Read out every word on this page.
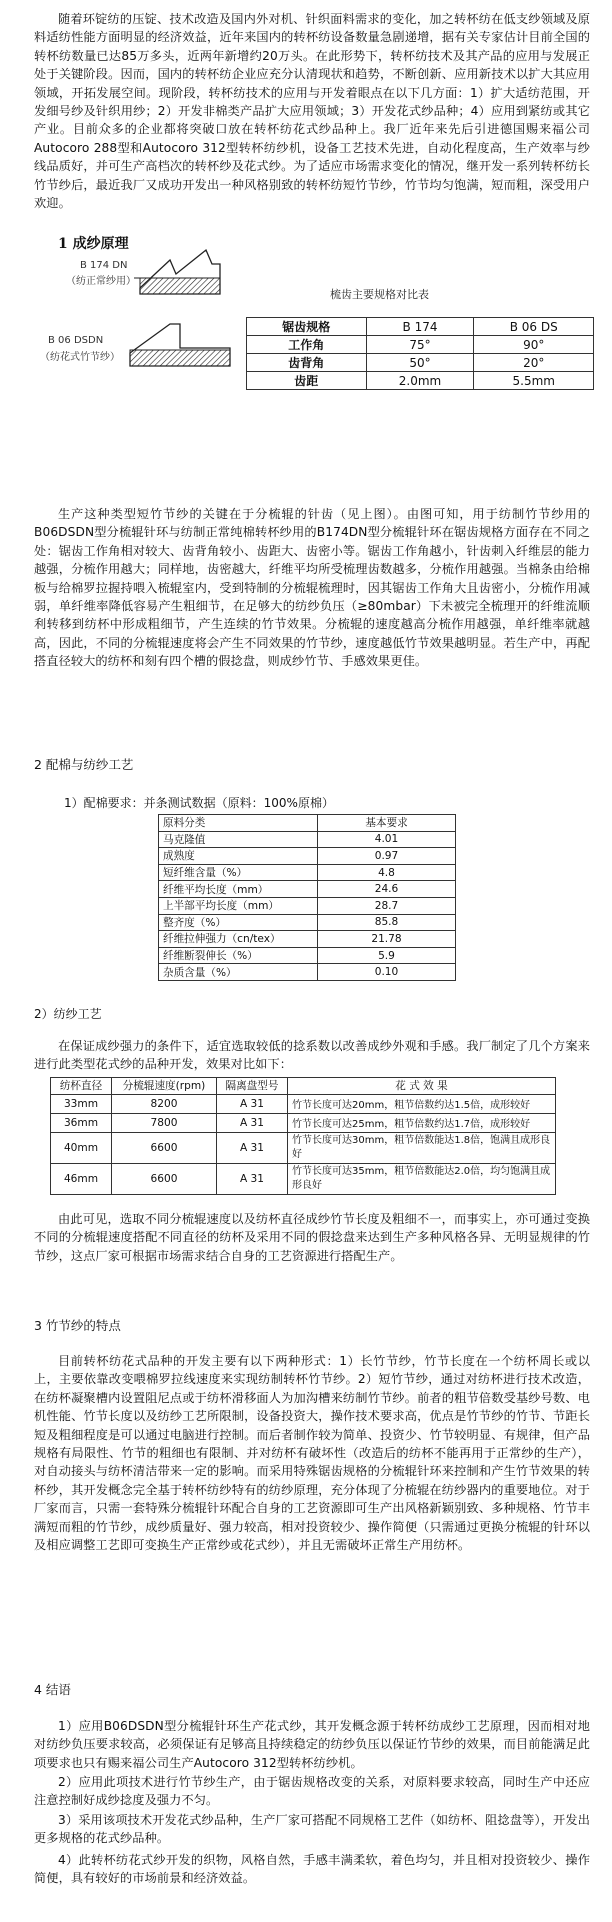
随着环锭纺的压锭、技术改造及国内外对机、针织面料需求的变化，加之转杯纺在低支纱领域及原料适纺性能方面明显的经济效益，近年来国内的转杯纺设备数量急剧递增，据有关专家估计目前全国的转杯纺数量已达85万多头，近两年新增约20万头。在此形势下，转杯纺技术及其产品的应用与发展正处于关键阶段。因而，国内的转杯纺企业应充分认清现状和趋势，不断创新、应用新技术以扩大其应用领域，开拓发展空间。现阶段，转杯纺技术的应用与开发着眼点在以下几方面：1）扩大适纺范围，开发细号纱及针织用纱；2）开发非棉类产品扩大应用领域；3）开发花式纱品种；4）应用到紧纺或其它产业。目前众多的企业都将突破口放在转杯纺花式纱品种上。我厂近年来先后引进德国赐来福公司Autocoro 288型和Autocoro 312型转杯纺纱机，设备工艺技术先进，自动化程度高，生产效率与纱线品质好，并可生产高档次的转杯纱及花式纱。为了适应市场需求变化的情况，继开发一系列转杯纺长竹节纱后，最近我厂又成功开发出一种风格别致的转杯纺短竹节纱，竹节均匀饱满，短而粗，深受用户欢迎。

1 成纱原理
B 174 DN
（纺正常纱用）
梳齿主要规格对比表
B 06 DSDN
（纺花式竹节纱）
锯齿规格	B 174	B 06 DS
工作角	75°	90°
齿背角	50°	20°
齿距	2.0mm	5.5mm

生产这种类型短竹节纱的关键在于分梳辊的针齿（见上图）。由图可知，用于纺制竹节纱用的B06DSDN型分梳辊针环与纺制正常纯棉转杯纱用的B174DN型分梳辊针环在锯齿规格方面存在不同之处：锯齿工作角相对较大、齿背角较小、齿距大、齿密小等。锯齿工作角越小，针齿刺入纤维层的能力越强，分梳作用越大；同样地，齿密越大，纤维平均所受梳理齿数越多，分梳作用越强。当棉条由给棉板与给棉罗拉握持喂入梳辊室内，受到特制的分梳辊梳理时，因其锯齿工作角大且齿密小，分梳作用减弱，单纤维率降低容易产生粗细节，在足够大的纺纱负压（≥80mbar）下未被完全梳理开的纤维流顺利转移到纺杯中形成粗细节，产生连续的竹节效果。分梳辊的速度越高分梳作用越强，单纤维率就越高，因此，不同的分梳辊速度将会产生不同效果的竹节纱，速度越低竹节效果越明显。若生产中，再配搭直径较大的纺杯和刻有四个槽的假捻盘，则成纱竹节、手感效果更佳。

2 配棉与纺纱工艺
1）配棉要求：并条测试数据（原料：100%原棉）
原料分类	基本要求
马克隆值	4.01
成熟度	0.97
短纤维含量（%）	4.8
纤维平均长度（mm）	24.6
上半部平均长度（mm）	28.7
整齐度（%）	85.8
纤维拉伸强力（cn/tex）	21.78
纤维断裂伸长（%）	5.9
杂质含量（%）	0.10
2）纺纱工艺

在保证成纱强力的条件下，适宜选取较低的捻系数以改善成纱外观和手感。我厂制定了几个方案来进行此类型花式纱的品种开发，效果对比如下：

纺杯直径	分梳辊速度(rpm)	隔离盘型号	花 式 效 果
33mm	8200	A 31	竹节长度可达20mm，粗节倍数约达1.5倍，成形较好
36mm	7800	A 31	竹节长度可达25mm，粗节倍数约达1.7倍，成形较好
40mm	6600	A 31	竹节长度可达30mm，粗节倍数能达1.8倍，饱满且成形良好
46mm	6600	A 31	竹节长度可达35mm，粗节倍数能达2.0倍，均匀饱满且成形良好

由此可见，选取不同分梳辊速度以及纺杯直径成纱竹节长度及粗细不一，而事实上，亦可通过变换不同的分梳辊速度搭配不同直径的纺杯及采用不同的假捻盘来达到生产多种风格各异、无明显规律的竹节纱，这点厂家可根据市场需求结合自身的工艺资源进行搭配生产。

3 竹节纱的特点

目前转杯纺花式品种的开发主要有以下两种形式：1）长竹节纱，竹节长度在一个纺杯周长或以上，主要依靠改变喂棉罗拉线速度来实现纺制转杯竹节纱。2）短竹节纱，通过对纺杯进行技术改造，在纺杯凝聚槽内设置阻尼点或于纺杯滑移面人为加沟槽来纺制竹节纱。前者的粗节倍数受基纱号数、电机性能、竹节长度以及纺纱工艺所限制，设备投资大，操作技术要求高，优点是竹节纱的竹节、节距长短及粗细程度是可以通过电脑进行控制。而后者制作较为简单、投资少、竹节较明显、有规律，但产品规格有局限性、竹节的粗细也有限制、并对纺杯有破坏性（改造后的纺杯不能再用于正常纱的生产），对自动接头与纺杯清洁带来一定的影响。而采用特殊锯齿规格的分梳辊针环来控制和产生竹节效果的转杯纱，其开发概念完全基于转杯纺纱特有的纺纱原理，充分体现了分梳辊在纺纱器内的重要地位。对于厂家而言，只需一套特殊分梳辊针环配合自身的工艺资源即可生产出风格新颖别致、多种规格、竹节丰满短而粗的竹节纱，成纱质量好、强力较高，相对投资较少、操作简便（只需通过更换分梳辊的针环以及相应调整工艺即可变换生产正常纱或花式纱），并且无需破坏正常生产用纺杯。

4 结语

1）应用B06DSDN型分梳辊针环生产花式纱，其开发概念源于转杯纺成纱工艺原理，因而相对地对纺纱负压要求较高，必须保证有足够高且持续稳定的纺纱负压以保证竹节纱的效果，而目前能满足此项要求也只有赐来福公司生产Autocoro 312型转杯纺纱机。

2）应用此项技术进行竹节纱生产，由于锯齿规格改变的关系，对原料要求较高，同时生产中还应注意控制好成纱捻度及强力不匀。

3）采用该项技术开发花式纱品种，生产厂家可搭配不同规格工艺件（如纺杯、阻捻盘等），开发出更多规格的花式纱品种。

4）此转杯纺花式纱开发的织物，风格自然，手感丰满柔软，着色均匀，并且相对投资较少、操作简便，具有较好的市场前景和经济效益。
